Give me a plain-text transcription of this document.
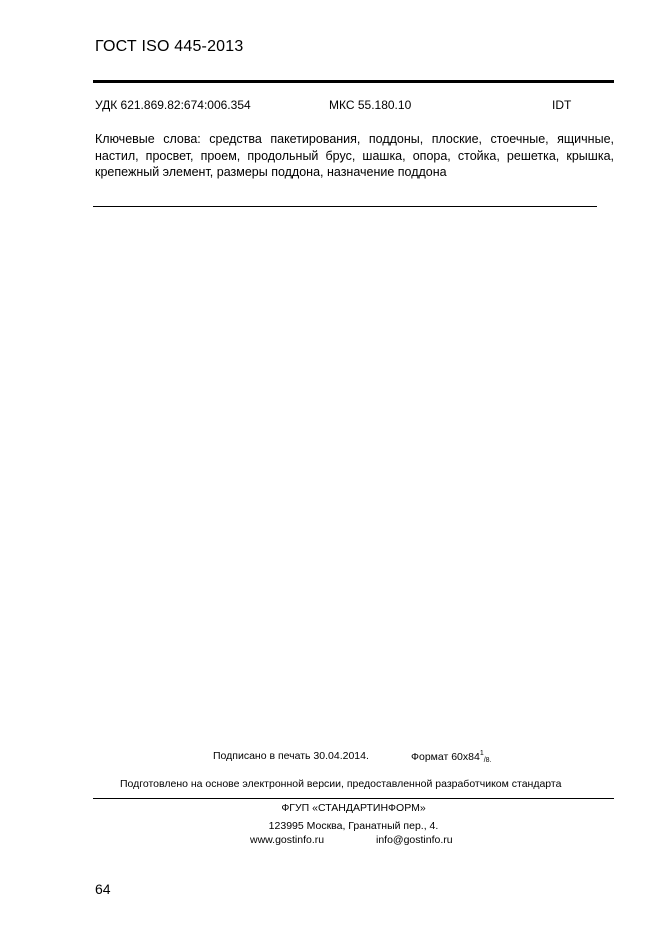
ГОСТ ISO 445-2013
УДК 621.869.82:674:006.354	МКС 55.180.10	IDT
Ключевые слова: средства пакетирования, поддоны, плоские, стоечные, ящичные, настил, просвет, проем, продольный брус, шашка, опора, стойка, решетка, крышка, крепежный элемент, размеры поддона, назначение поддона
Подписано в печать 30.04.2014.	Формат $60x84^1_{/8.}$
Подготовлено на основе электронной версии, предоставленной разработчиком стандарта
ФГУП «СТАНДАРТИНФОРМ»
123995 Москва, Гранатный пер., 4.
www.gostinfo.ru	info@gostinfo.ru
64
